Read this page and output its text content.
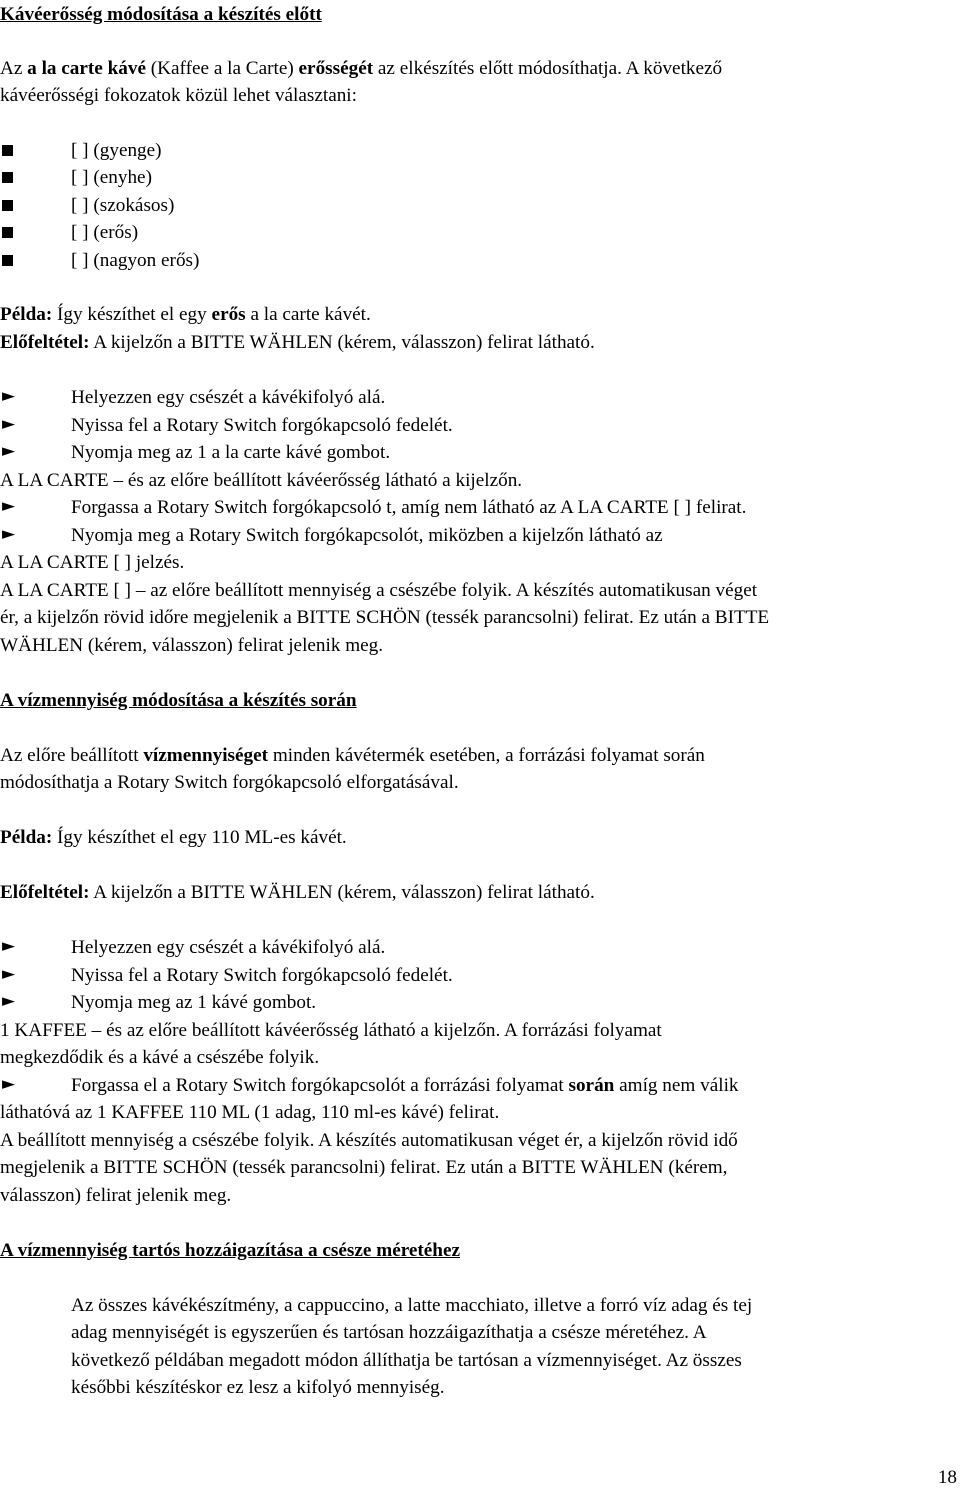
Kávéerősség módosítása a készítés előtt
Az a la carte kávé (Kaffee a la Carte) erősségét az elkészítés előtt módosíthatja. A következő
kávéerősségi fokozatok közül lehet választani:
[ ] (gyenge)
[ ] (enyhe)
[ ] (szokásos)
[ ] (erős)
[ ] (nagyon erős)
Példa: Így készíthet el egy erős a la carte kávét.
Előfeltétel: A kijelzőn a BITTE WÄHLEN (kérem, válasszon) felirat látható.
►	Helyezzen egy csészét a kávékifolyó alá.
►	Nyissa fel a Rotary Switch forgókapcsoló fedelét.
►	Nyomja meg az 1 a la carte kávé gombot.
A LA CARTE – és az előre beállított kávéerősség látható a kijelzőn.
►	Forgassa a Rotary Switch forgókapcsoló t, amíg nem látható az A LA CARTE [ ] felirat.
►	Nyomja meg a Rotary Switch forgókapcsolót, miközben a kijelzőn látható az
A LA CARTE [ ] jelzés.
A LA CARTE [ ] – az előre beállított mennyiség a csészébe folyik. A készítés automatikusan véget
ér, a kijelzőn rövid időre megjelenik a BITTE SCHÖN (tessék parancsolni) felirat. Ez után a BITTE
WÄHLEN (kérem, válasszon) felirat jelenik meg.
A vízmennyiség módosítása a készítés során
Az előre beállított vízmennyiséget minden kávétermék esetében, a forrázási folyamat során
módosíthatja a Rotary Switch forgókapcsoló elforgatásával.
Példa: Így készíthet el egy 110 ML-es kávét.
Előfeltétel: A kijelzőn a BITTE WÄHLEN (kérem, válasszon) felirat látható.
►	Helyezzen egy csészét a kávékifolyó alá.
►	Nyissa fel a Rotary Switch forgókapcsoló fedelét.
►	Nyomja meg az 1 kávé gombot.
1 KAFFEE – és az előre beállított kávéerősség látható a kijelzőn. A forrázási folyamat
megkezdődik és a kávé a csészébe folyik.
►	Forgassa el a Rotary Switch forgókapcsolót a forrázási folyamat során amíg nem válik
láthatóvá az 1 KAFFEE 110 ML (1 adag, 110 ml-es kávé) felirat.
A beállított mennyiség a csészébe folyik. A készítés automatikusan véget ér, a kijelzőn rövid idő
megjelenik a BITTE SCHÖN (tessék parancsolni) felirat. Ez után a BITTE WÄHLEN (kérem,
válasszon) felirat jelenik meg.
A vízmennyiség tartós hozzáigazítása a csésze méretéhez
Az összes kávékészítmény, a cappuccino, a latte macchiato, illetve a forró víz adag és tej
adag mennyiségét is egyszerűen és tartósan hozzáigazíthatja a csésze méretéhez. A
következő példában megadott módon állíthatja be tartósan a vízmennyiséget. Az összes
későbbi készítéskor ez lesz a kifolyó mennyiség.
18
